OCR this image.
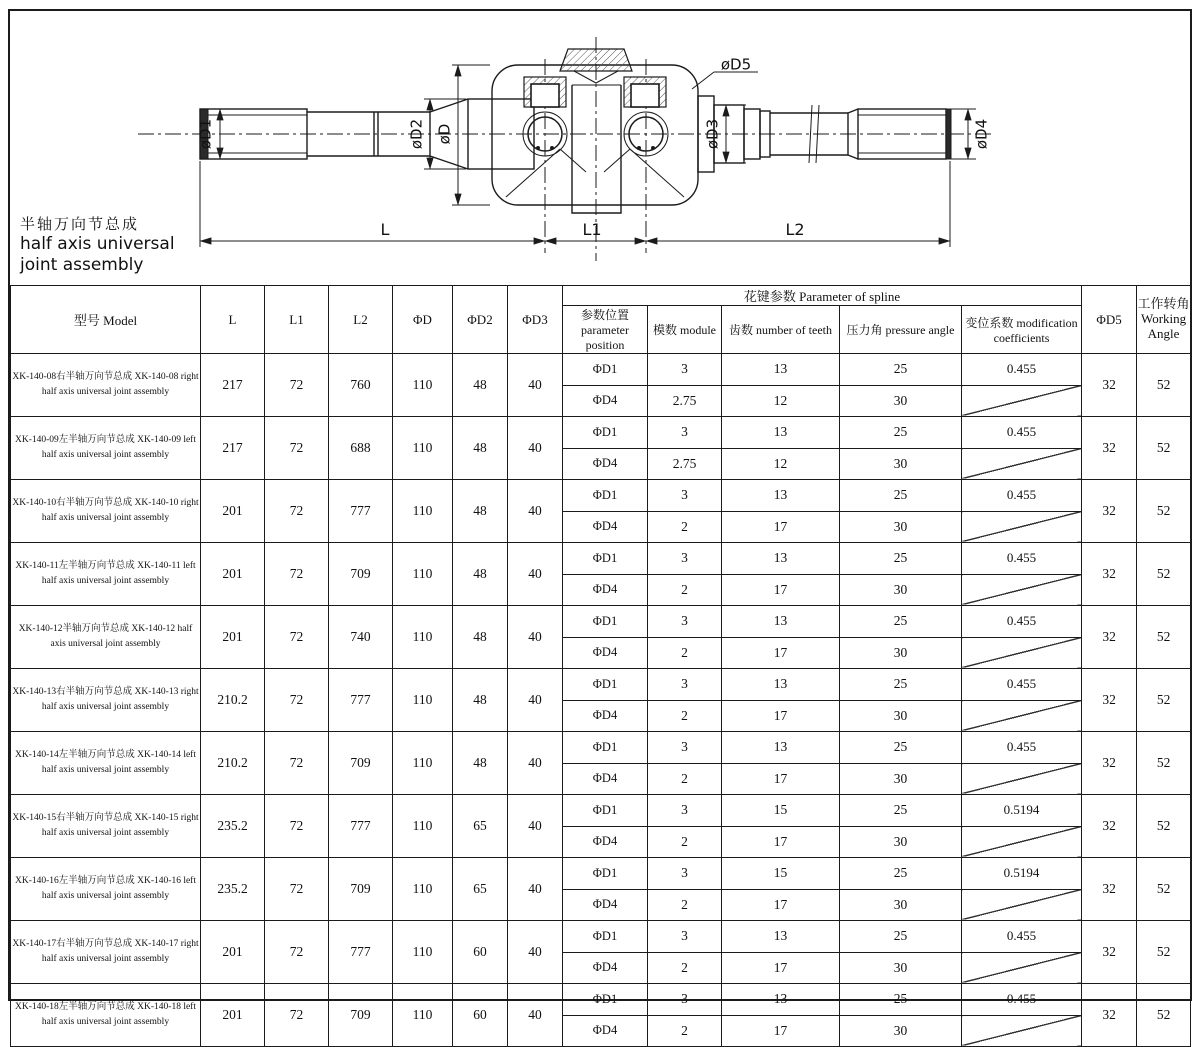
øD1	øD2 øD	øD3	øD4
øD5
L	L1	L2
半轴万向节总成
half axis universal
joint assembly
型号 Model	L	L1	L2	ΦD	ΦD2	ΦD3	花键参数 Parameter of spline					ΦD5	工作转角
Working Angle

							参数位置 parameter position	模数 module	齿数 number of teeth	压力角 pressure angle	变位系数 modification coefficients		
XK-140-08右半轴万向节总成 XK-140-08 right half axis universal joint assembly	217	72	760	110	48	40	ΦD1	3	13	25	0.455	32	52
							ΦD4	2.75	12	30			
XK-140-09左半轴万向节总成 XK-140-09 left half axis universal joint assembly	217	72	688	110	48	40	ΦD1	3	13	25	0.455	32	52
							ΦD4	2.75	12	30			
XK-140-10右半轴万向节总成 XK-140-10 right half axis universal joint assembly	201	72	777	110	48	40	ΦD1	3	13	25	0.455	32	52
							ΦD4	2	17	30			
XK-140-11左半轴万向节总成 XK-140-11 left half axis universal joint assembly	201	72	709	110	48	40	ΦD1	3	13	25	0.455	32	52
							ΦD4	2	17	30			
XK-140-12半轴万向节总成 XK-140-12 half axis universal joint assembly	201	72	740	110	48	40	ΦD1	3	13	25	0.455	32	52
							ΦD4	2	17	30			
XK-140-13右半轴万向节总成 XK-140-13 right half axis universal joint assembly	210.2	72	777	110	48	40	ΦD1	3	13	25	0.455	32	52
							ΦD4	2	17	30			
XK-140-14左半轴万向节总成 XK-140-14 left half axis universal joint assembly	210.2	72	709	110	48	40	ΦD1	3	13	25	0.455	32	52
							ΦD4	2	17	30			
XK-140-15右半轴万向节总成 XK-140-15 right half axis universal joint assembly	235.2	72	777	110	65	40	ΦD1	3	15	25	0.5194	32	52
							ΦD4	2	17	30			
XK-140-16左半轴万向节总成 XK-140-16 left half axis universal joint assembly	235.2	72	709	110	65	40	ΦD1	3	15	25	0.5194	32	52
							ΦD4	2	17	30			
XK-140-17右半轴万向节总成 XK-140-17 right half axis universal joint assembly	201	72	777	110	60	40	ΦD1	3	13	25	0.455	32	52
							ΦD4	2	17	30			
XK-140-18左半轴万向节总成 XK-140-18 left half axis universal joint assembly	201	72	709	110	60	40	ΦD1	3	13	25	0.455	32	52
							ΦD4	2	17	30			
